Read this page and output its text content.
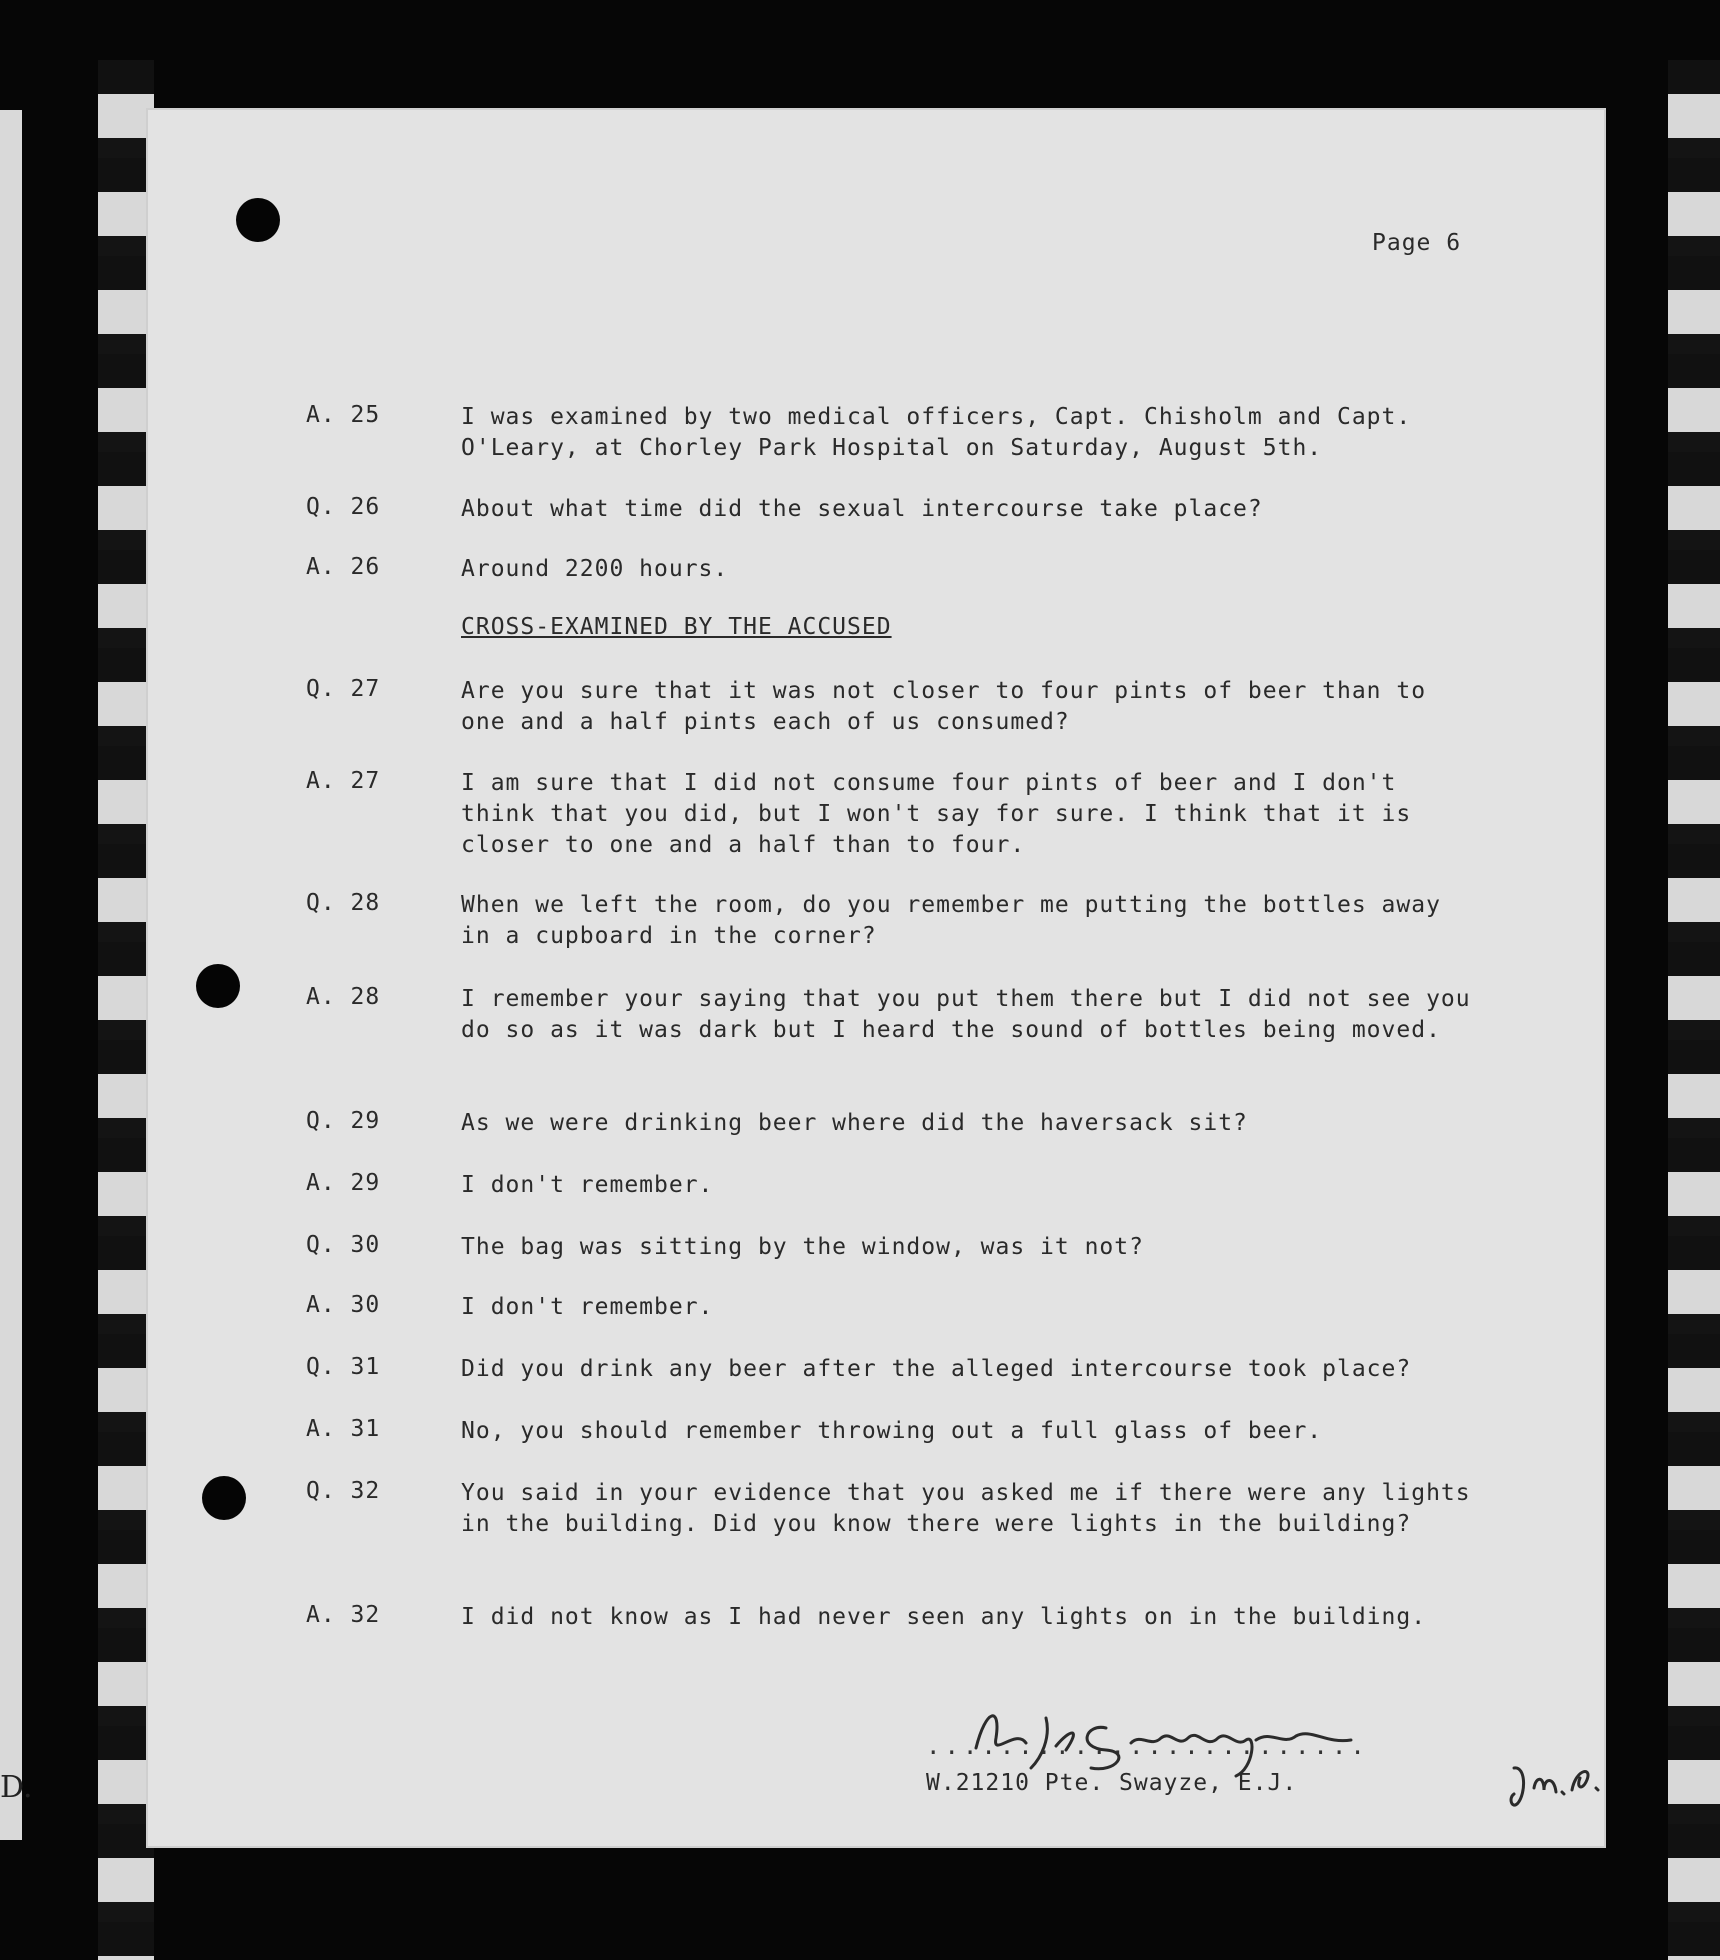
D.
Page 6
A. 25	I was examined by two medical officers, Capt. Chisholm and Capt. O'Leary, at Chorley Park Hospital on Saturday, August 5th.
Q. 26	About what time did the sexual intercourse take place?
A. 26	Around 2200 hours.
CROSS-EXAMINED BY THE ACCUSED
Q. 27	Are you sure that it was not closer to four pints of beer than to one and a half pints each of us consumed?
A. 27	I am sure that I did not consume four pints of beer and I don't think that you did, but I won't say for sure. I think that it is closer to one and a half than to four.
Q. 28	When we left the room, do you remember me putting the bottles away in a cupboard in the corner?
A. 28	I remember your saying that you put them there but I did not see you do so as it was dark but I heard the sound of bottles being moved.
Q. 29	As we were drinking beer where did the haversack sit?
A. 29	I don't remember.
Q. 30	The bag was sitting by the window, was it not?
A. 30	I don't remember.
Q. 31	Did you drink any beer after the alleged intercourse took place?
A. 31	No, you should remember throwing out a full glass of beer.
Q. 32	You said in your evidence that you asked me if there were any lights in the building. Did you know there were lights in the building?
A. 32	I did not know as I had never seen any lights on in the building.
........................
W.21210 Pte. Swayze, E.J.
